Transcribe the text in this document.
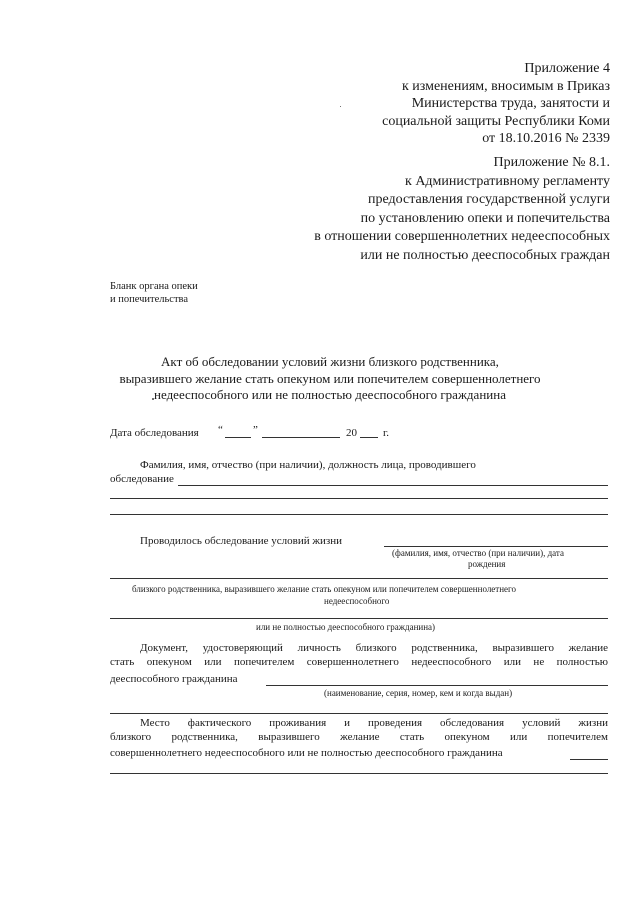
Приложение 4
к изменениям, вносимым в Приказ
Министерства труда, занятости и
социальной защиты Республики Коми
от 18.10.2016 № 2339
Приложение № 8.1.
к Административному регламенту
предоставления государственной услуги
по установлению опеки и попечительства
в отношении совершеннолетних недееспособных
или не полностью дееспособных граждан
Бланк органа опеки
и попечительства
Акт об обследовании условий жизни близкого родственника,
выразившего желание стать опекуном или попечителем совершеннолетнего
недееспособного или не полностью дееспособного гражданина
Дата обследования “	”	20 г.
Фамилия, имя, отчество (при наличии), должность лица, проводившего
обследование
Проводилось обследование условий жизни
(фамилия, имя, отчество (при наличии), дата
рождения
близкого родственника, выразившего желание стать опекуном или попечителем совершеннолетнего
недееспособного
или не полностью дееспособного гражданина)
Документ, удостоверяющий личность близкого родственника, выразившего желание
стать опекуном или попечителем совершеннолетнего недееспособного или не полностью
дееспособного гражданина
(наименование, серия, номер, кем и когда выдан)
Место фактического проживания и проведения обследования условий жизни
близкого родственника, выразившего желание стать опекуном или попечителем
совершеннолетнего недееспособного или не полностью дееспособного гражданина
